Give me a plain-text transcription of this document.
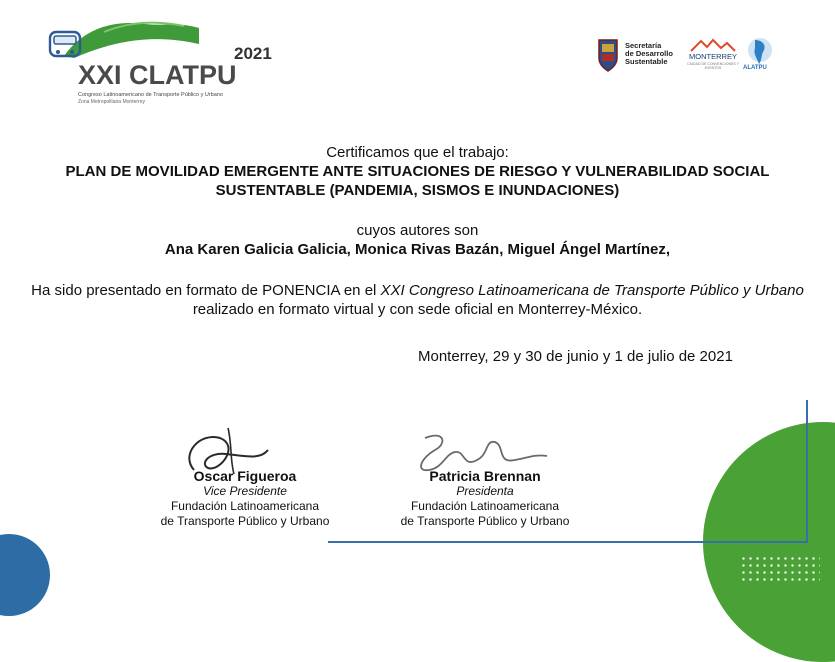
2021
XXI CLATPU
Congreso Latinoamericano de Transporte Público y Urbano
Zona Metropolitana Monterrey
Secretaría
de Desarrollo
Sustentable
MONTERREY
CIUDAD DE CONVENCIONES Y EVENTOS	ALATPU
Certificamos que el trabajo:
PLAN DE MOVILIDAD EMERGENTE ANTE SITUACIONES DE RIESGO Y VULNERABILIDAD SOCIAL
SUSTENTABLE (PANDEMIA, SISMOS E INUNDACIONES)
cuyos autores son
Ana Karen Galicia Galicia, Monica Rivas Bazán, Miguel Ángel Martínez,
Ha sido presentado en formato de PONENCIA en el XXI Congreso Latinoamericana de Transporte Público y Urbano realizado en formato virtual y con sede oficial en Monterrey-México.
Monterrey, 29 y 30 de junio y 1 de julio de 2021
Oscar Figueroa
Vice Presidente
Fundación Latinoamericana
de Transporte Público y Urbano
Patricia Brennan
Presidenta
Fundación Latinoamericana
de Transporte Público y Urbano
